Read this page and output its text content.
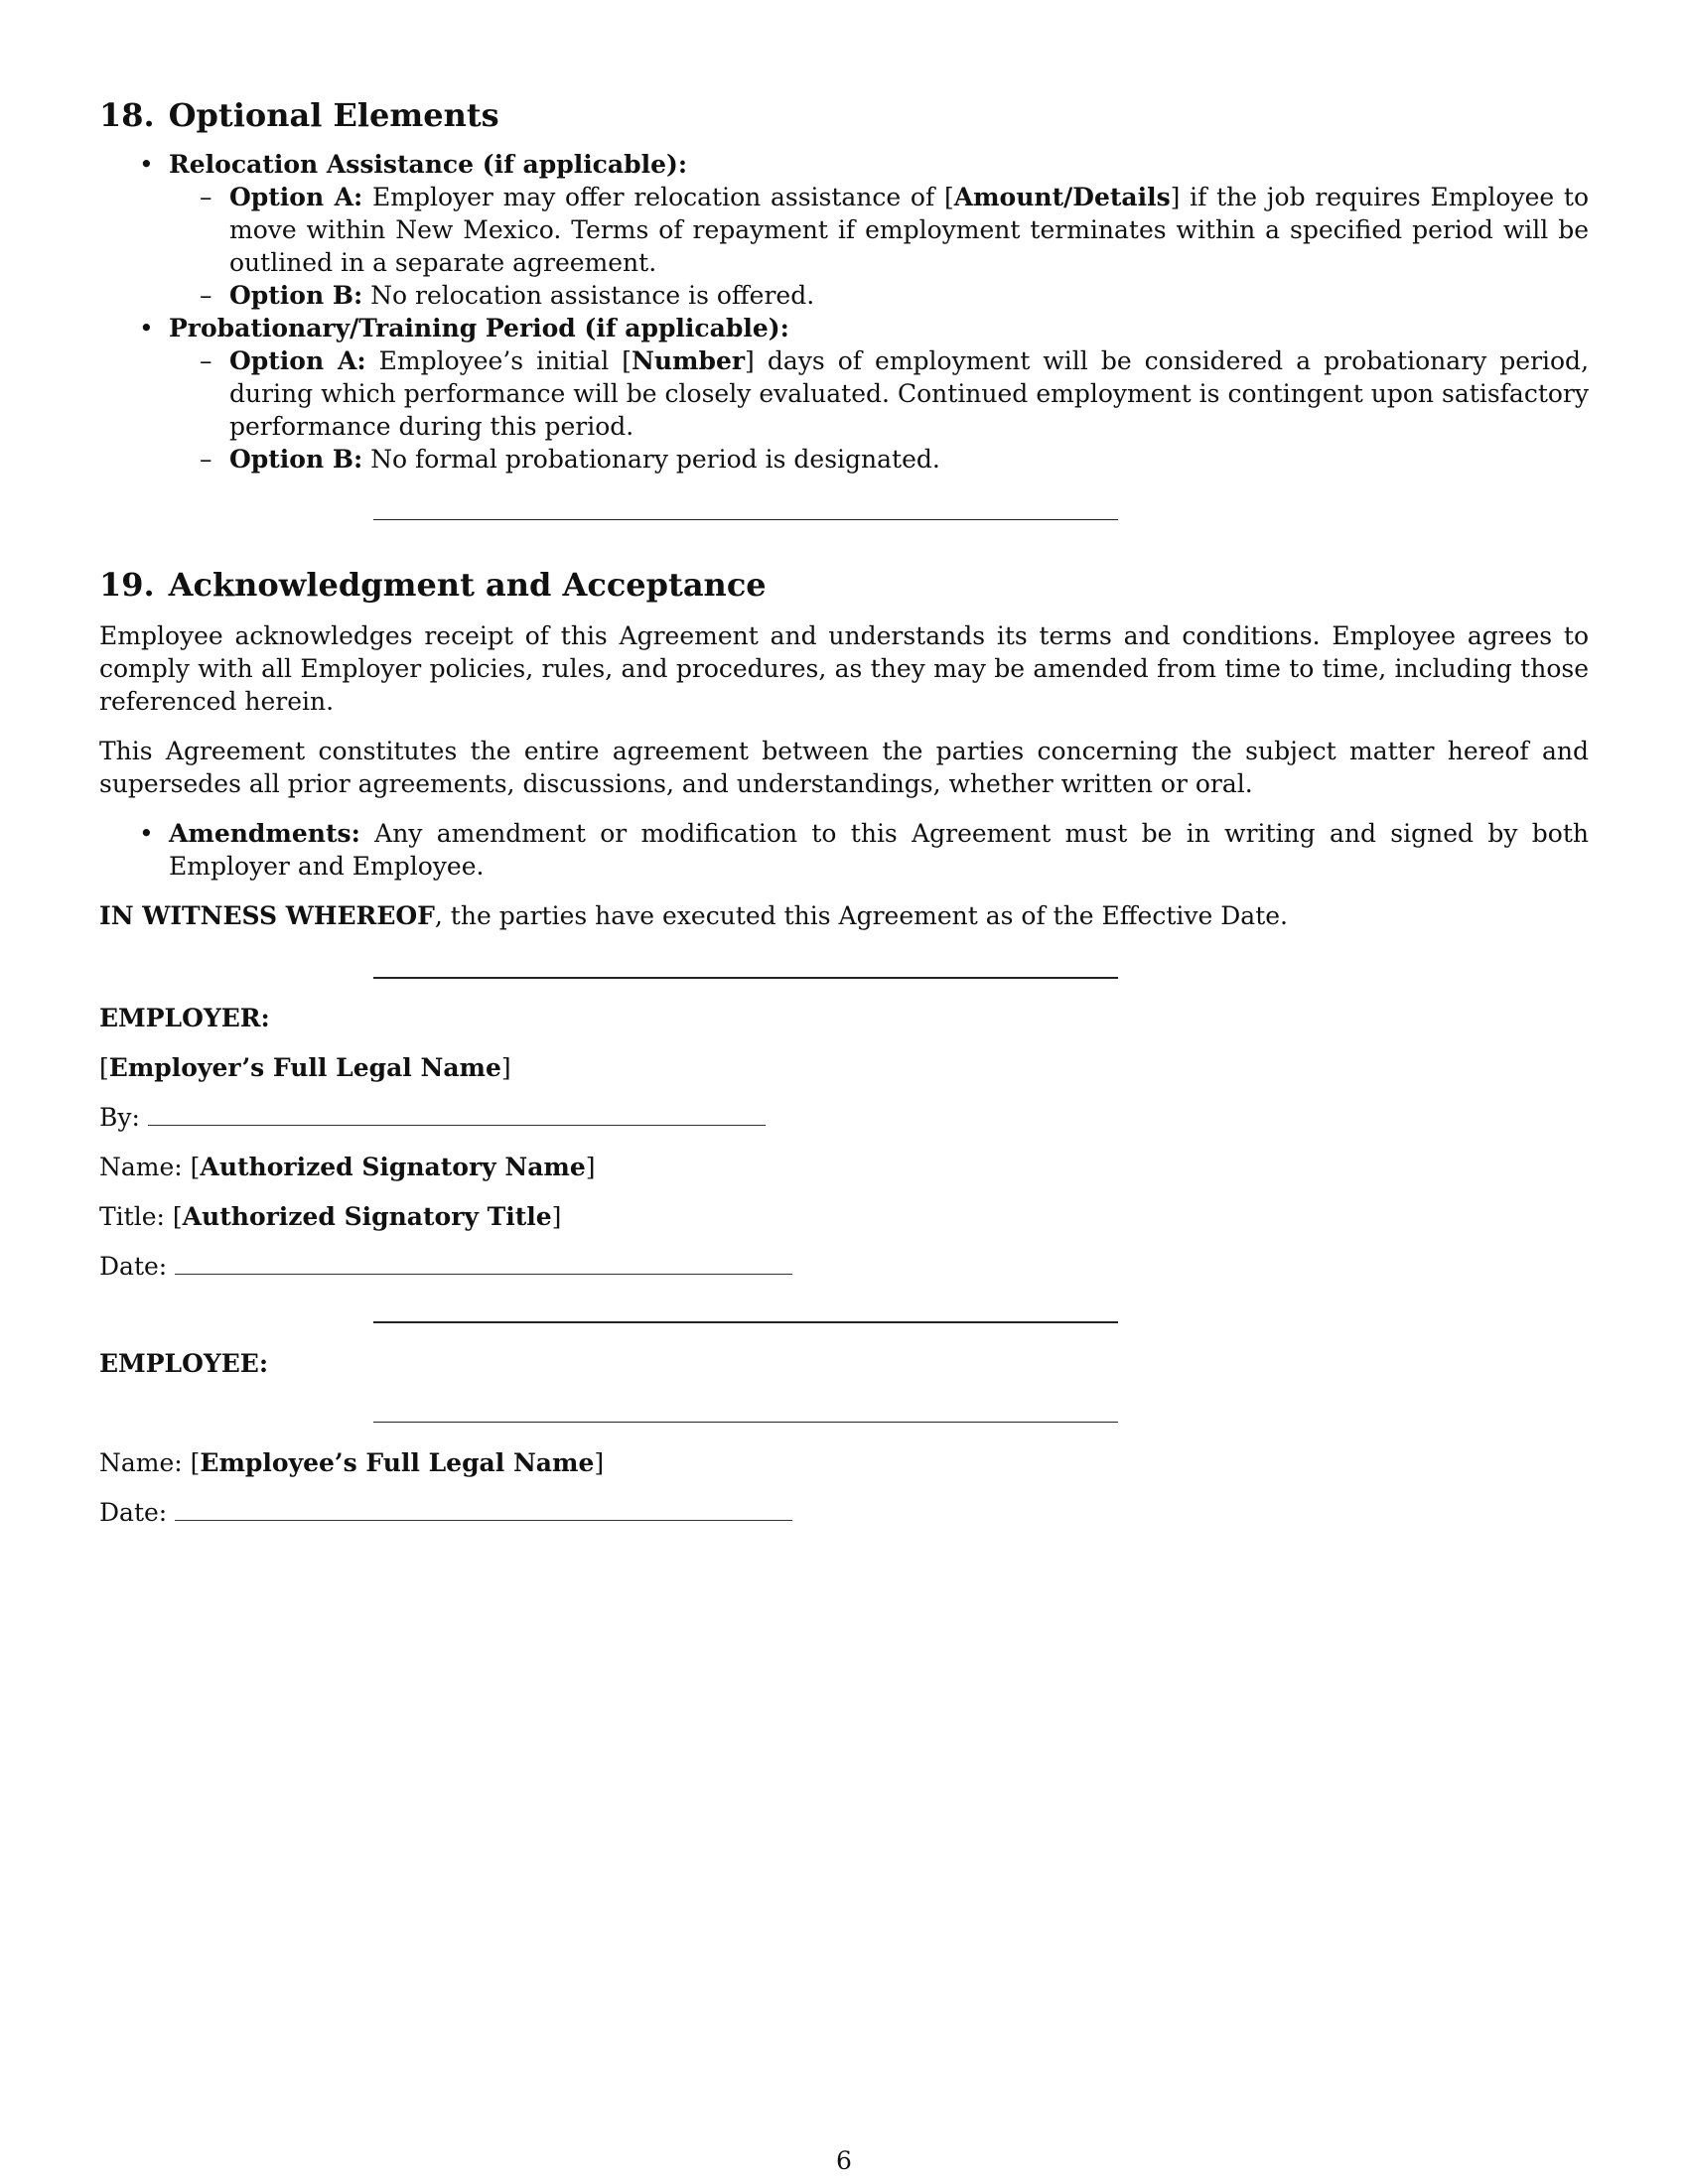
18. Optional Elements
• Relocation Assistance (if applicable):
– Option A: Employer may offer relocation assistance of [Amount/Details] if the job requires Employee to move within New Mexico. Terms of repayment if employment terminates within a specified period will be outlined in a separate agreement.
– Option B: No relocation assistance is offered.
• Probationary/Training Period (if applicable):
– Option A: Employee’s initial [Number] days of employment will be considered a probationary period, during which performance will be closely evaluated. Continued employment is contingent upon satisfactory performance during this period.
– Option B: No formal probationary period is designated.
19. Acknowledgment and Acceptance

Employee acknowledges receipt of this Agreement and understands its terms and conditions. Employee agrees to comply with all Employer policies, rules, and procedures, as they may be amended from time to time, including those referenced herein.

This Agreement constitutes the entire agreement between the parties concerning the subject matter hereof and supersedes all prior agreements, discussions, and understandings, whether written or oral.

• Amendments: Any amendment or modification to this Agreement must be in writing and signed by both Employer and Employee.

IN WITNESS WHEREOF, the parties have executed this Agreement as of the Effective Date.

EMPLOYER:
[Employer’s Full Legal Name]
By:
Name: [Authorized Signatory Name]
Title: [Authorized Signatory Title]
Date:
EMPLOYEE:
Name: [Employee’s Full Legal Name]
Date:
6
